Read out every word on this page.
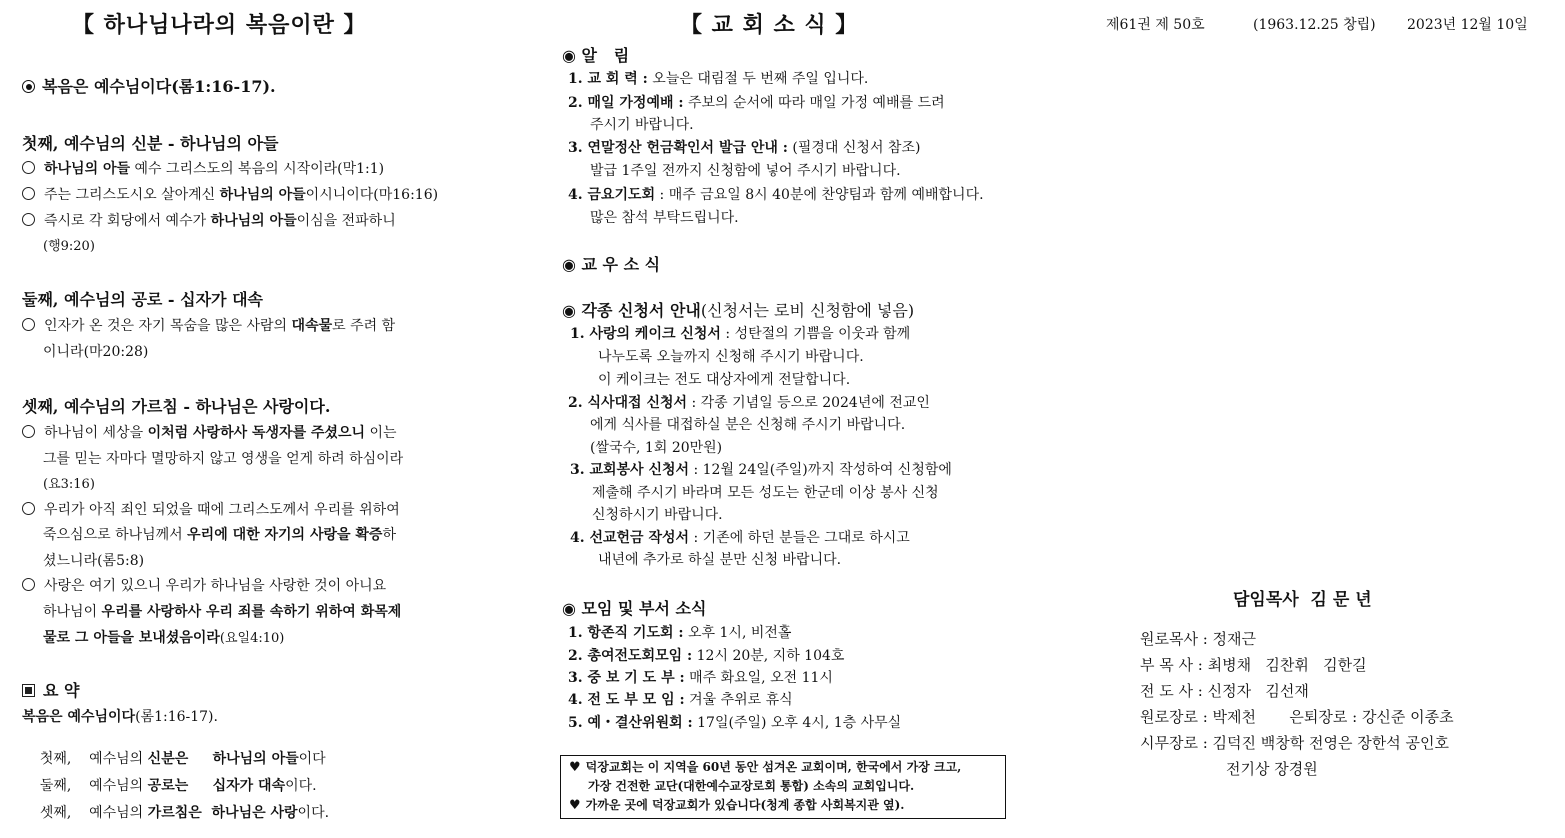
【 하나님나라의 복음이란 】
복음은 예수님이다(롬1:16-17).
첫째, 예수님의 신분 - 하나님의 아들
하나님의 아들 예수 그리스도의 복음의 시작이라(막1:1)
주는 그리스도시오 살아계신 하나님의 아들이시니이다(마16:16)
즉시로 각 회당에서 예수가 하나님의 아들이심을 전파하니
(행9:20)
둘째, 예수님의 공로 - 십자가 대속
인자가 온 것은 자기 목숨을 많은 사람의 대속물로 주려 함
이니라(마20:28)
셋째, 예수님의 가르침 - 하나님은 사랑이다.
하나님이 세상을 이처럼 사랑하사 독생자를 주셨으니 이는
그를 믿는 자마다 멸망하지 않고 영생을 얻게 하려 하심이라
(요3:16)
우리가 아직 죄인 되었을 때에 그리스도께서 우리를 위하여
죽으심으로 하나님께서 우리에 대한 자기의 사랑을 확증하
셨느니라(롬5:8)
사랑은 여기 있으니 우리가 하나님을 사랑한 것이 아니요
하나님이 우리를 사랑하사 우리 죄를 속하기 위하여 화목제
물로 그 아들을 보내셨음이라(요일4:10)
요 약
복음은 예수님이다(롬1:16-17).

첫째,    예수님의 신분은     하나님의 아들이다

둘째,    예수님의 공로는     십자가 대속이다.

셋째,    예수님의 가르침은  하나님은 사랑이다.

【 교 회 소 식 】
◉ 알   림
1. 교 회 력 : 오늘은 대림절 두 번째 주일 입니다.
2. 매일 가정예배 : 주보의 순서에 따라 매일 가정 예배를 드려
주시기 바랍니다.
3. 연말정산 헌금확인서 발급 안내 : (필경대 신청서 참조)
발급 1주일 전까지 신청함에 넣어 주시기 바랍니다.
4. 금요기도회 : 매주 금요일 8시 40분에 찬양팀과 함께 예배합니다.
많은 참석 부탁드립니다.
◉ 교 우 소 식
◉ 각종 신청서 안내(신청서는 로비 신청함에 넣음)
1. 사랑의 케이크 신청서 : 성탄절의 기쁨을 이웃과 함께
나누도록 오늘까지 신청해 주시기 바랍니다.
이 케이크는 전도 대상자에게 전달합니다.
2. 식사대접 신청서 : 각종 기념일 등으로 2024년에 전교인
에게 식사를 대접하실 분은 신청해 주시기 바랍니다.
(쌀국수, 1회 20만원)
3. 교회봉사 신청서 : 12월 24일(주일)까지 작성하여 신청함에
제출해 주시기 바라며 모든 성도는 한군데 이상 봉사 신청
신청하시기 바랍니다.
4. 선교헌금 작성서 : 기존에 하던 분들은 그대로 하시고
내년에 추가로 하실 분만 신청 바랍니다.
◉ 모임 및 부서 소식
1. 항존직 기도회 : 오후 1시, 비전홀
2. 총여전도회모임 : 12시 20분, 지하 104호
3. 중 보 기 도 부 : 매주 화요일, 오전 11시
4. 전 도 부 모 임 : 겨울 추위로 휴식
5. 예・결산위원회 : 17일(주일) 오후 4시, 1층 사무실
♥ 덕장교회는 이 지역을 60년 동안 섬겨온 교회이며, 한국에서 가장 크고,
가장 건전한 교단(대한예수교장로회 통합) 소속의 교회입니다.
♥ 가까운 곳에 덕장교회가 있습니다(청계 종합 사회복지관 옆).
제61권 제 50호	(1963.12.25 창립) 2023년 12월 10일
담임목사  김 문 년
원로목사 : 정재근
부 목 사 : 최병채   김찬휘   김한길
전 도 사 : 신정자   김선재
원로장로 : 박제천       은퇴장로 : 강신준 이종초
시무장로 : 김덕진 백창학 전영은 장한석 공인호
전기상 장경원
